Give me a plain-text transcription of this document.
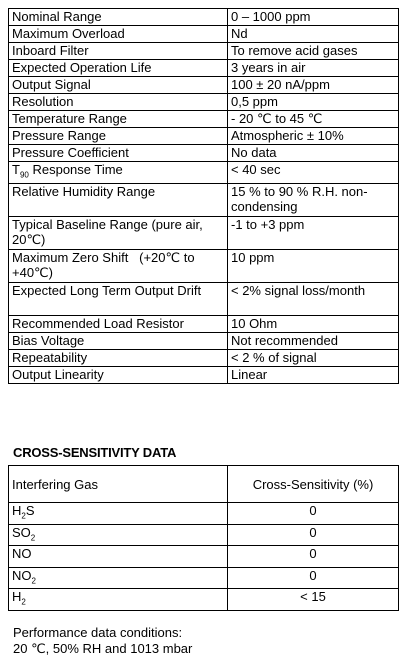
Nominal Range	0 – 1000 ppm
Maximum Overload	Nd
Inboard Filter	To remove acid gases
Expected Operation Life	3 years in air
Output Signal	100 ± 20 nA/ppm
Resolution	0,5 ppm
Temperature Range	- 20 ℃ to 45 ℃
Pressure Range	Atmospheric ± 10%
Pressure Coefficient	No data
$T_{90}$ Response Time	< 40 sec
Relative Humidity Range	15 % to 90 % R.H. non-condensing
Typical Baseline Range (pure air, 20℃)	-1 to +3 ppm
Maximum Zero Shift   (+20℃ to +40℃)	10 ppm
Expected Long Term Output Drift	< 2% signal loss/month
Recommended Load Resistor	10 Ohm
Bias Voltage	Not recommended
Repeatability	< 2 % of signal
Output Linearity	Linear
CROSS-SENSITIVITY DATA
Interfering Gas	Cross-Sensitivity (%)
$H_2S$	0
$SO_2$	0
NO	0
$NO_2$	0
$H_2$	< 15
Performance data conditions:
20 ℃, 50% RH and 1013 mbar
